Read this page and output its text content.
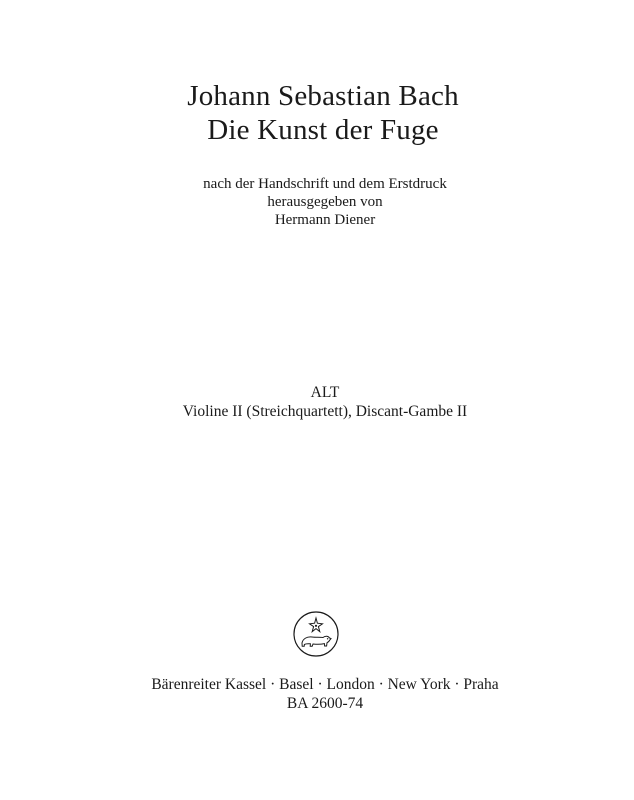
Johann Sebastian Bach
Die Kunst der Fuge
nach der Handschrift und dem Erstdruck
herausgegeben von
Hermann Diener
ALT
Violine II (Streichquartett), Discant-Gambe II
Bärenreiter Kassel · Basel · London · New York · Praha
BA 2600-74
